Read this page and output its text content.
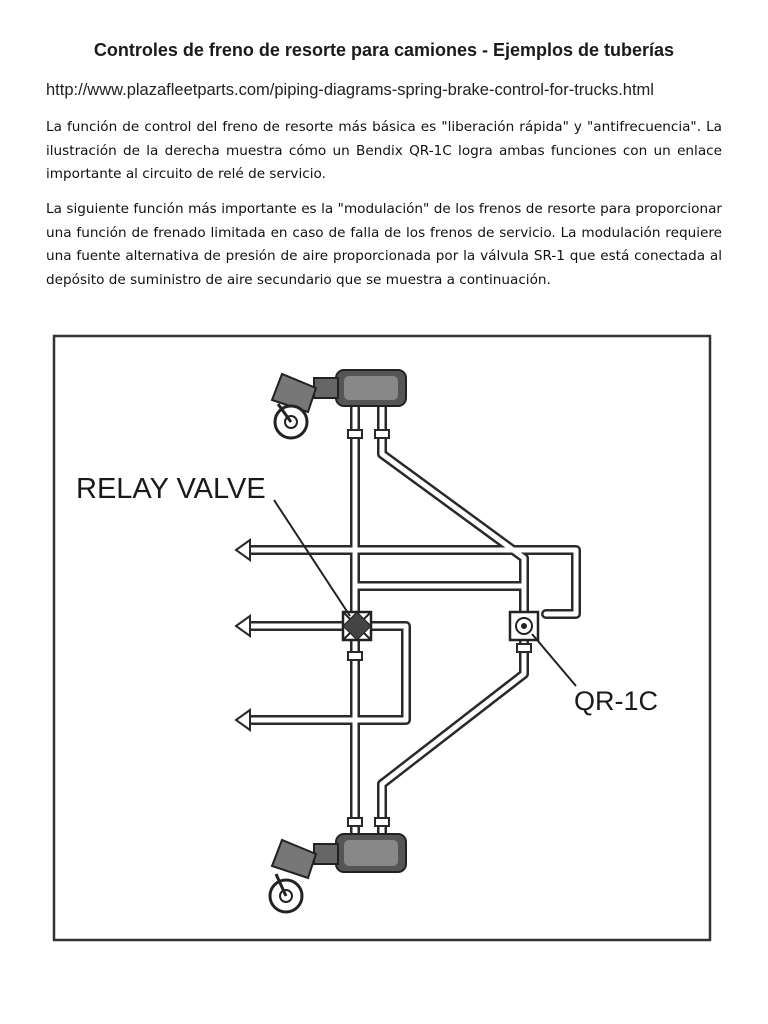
Controles de freno de resorte para camiones - Ejemplos de tuberías
http://www.plazafleetparts.com/piping-diagrams-spring-brake-control-for-trucks.html

La función de control del freno de resorte más básica es "liberación rápida" y "antifrecuencia". La ilustración de la derecha muestra cómo un Bendix QR-1C logra ambas funciones con un enlace importante al circuito de relé de servicio.

La siguiente función más importante es la "modulación" de los frenos de resorte para proporcionar una función de frenado limitada en caso de falla de los frenos de servicio. La modulación requiere una fuente alternativa de presión de aire proporcionada por la válvula SR-1 que está conectada al depósito de suministro de aire secundario que se muestra a continuación.

RELAY VALVE
QR-1C
